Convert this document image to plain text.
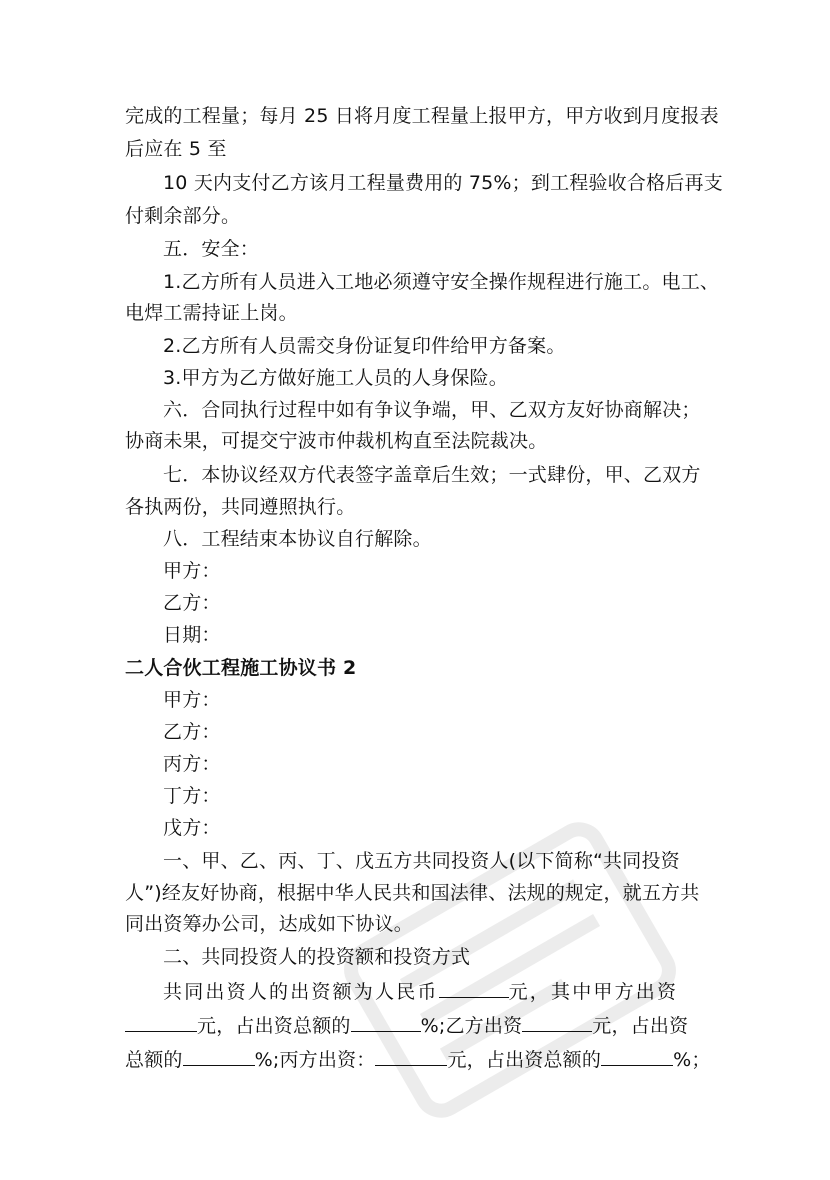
完成的工程量；每月 25 日将月度工程量上报甲方，甲方收到月度报表
后应在 5 至
10 天内支付乙方该月工程量费用的 75%；到工程验收合格后再支
付剩余部分。
五．安全：
1.乙方所有人员进入工地必须遵守安全操作规程进行施工。电工、
电焊工需持证上岗。
2.乙方所有人员需交身份证复印件给甲方备案。
3.甲方为乙方做好施工人员的人身保险。
六．合同执行过程中如有争议争端，甲、乙双方友好协商解决；
协商未果，可提交宁波市仲裁机构直至法院裁决。
七．本协议经双方代表签字盖章后生效；一式肆份，甲、乙双方
各执两份，共同遵照执行。
八．工程结束本协议自行解除。
甲方：
乙方：
日期：
二人合伙工程施工协议书 2
甲方：
乙方：
丙方：
丁方：
戊方：
一、甲、乙、丙、丁、戊五方共同投资人(以下简称“共同投资
人”)经友好协商，根据中华人民共和国法律、法规的规定，就五方共
同出资筹办公司，达成如下协议。
二、共同投资人的投资额和投资方式
共同出资人的出资额为人民币	元，其中甲方出资
元，占出资总额的	%;乙方出资	元，占出资
总额的	%;丙方出资：	元，占出资总额的	%；
